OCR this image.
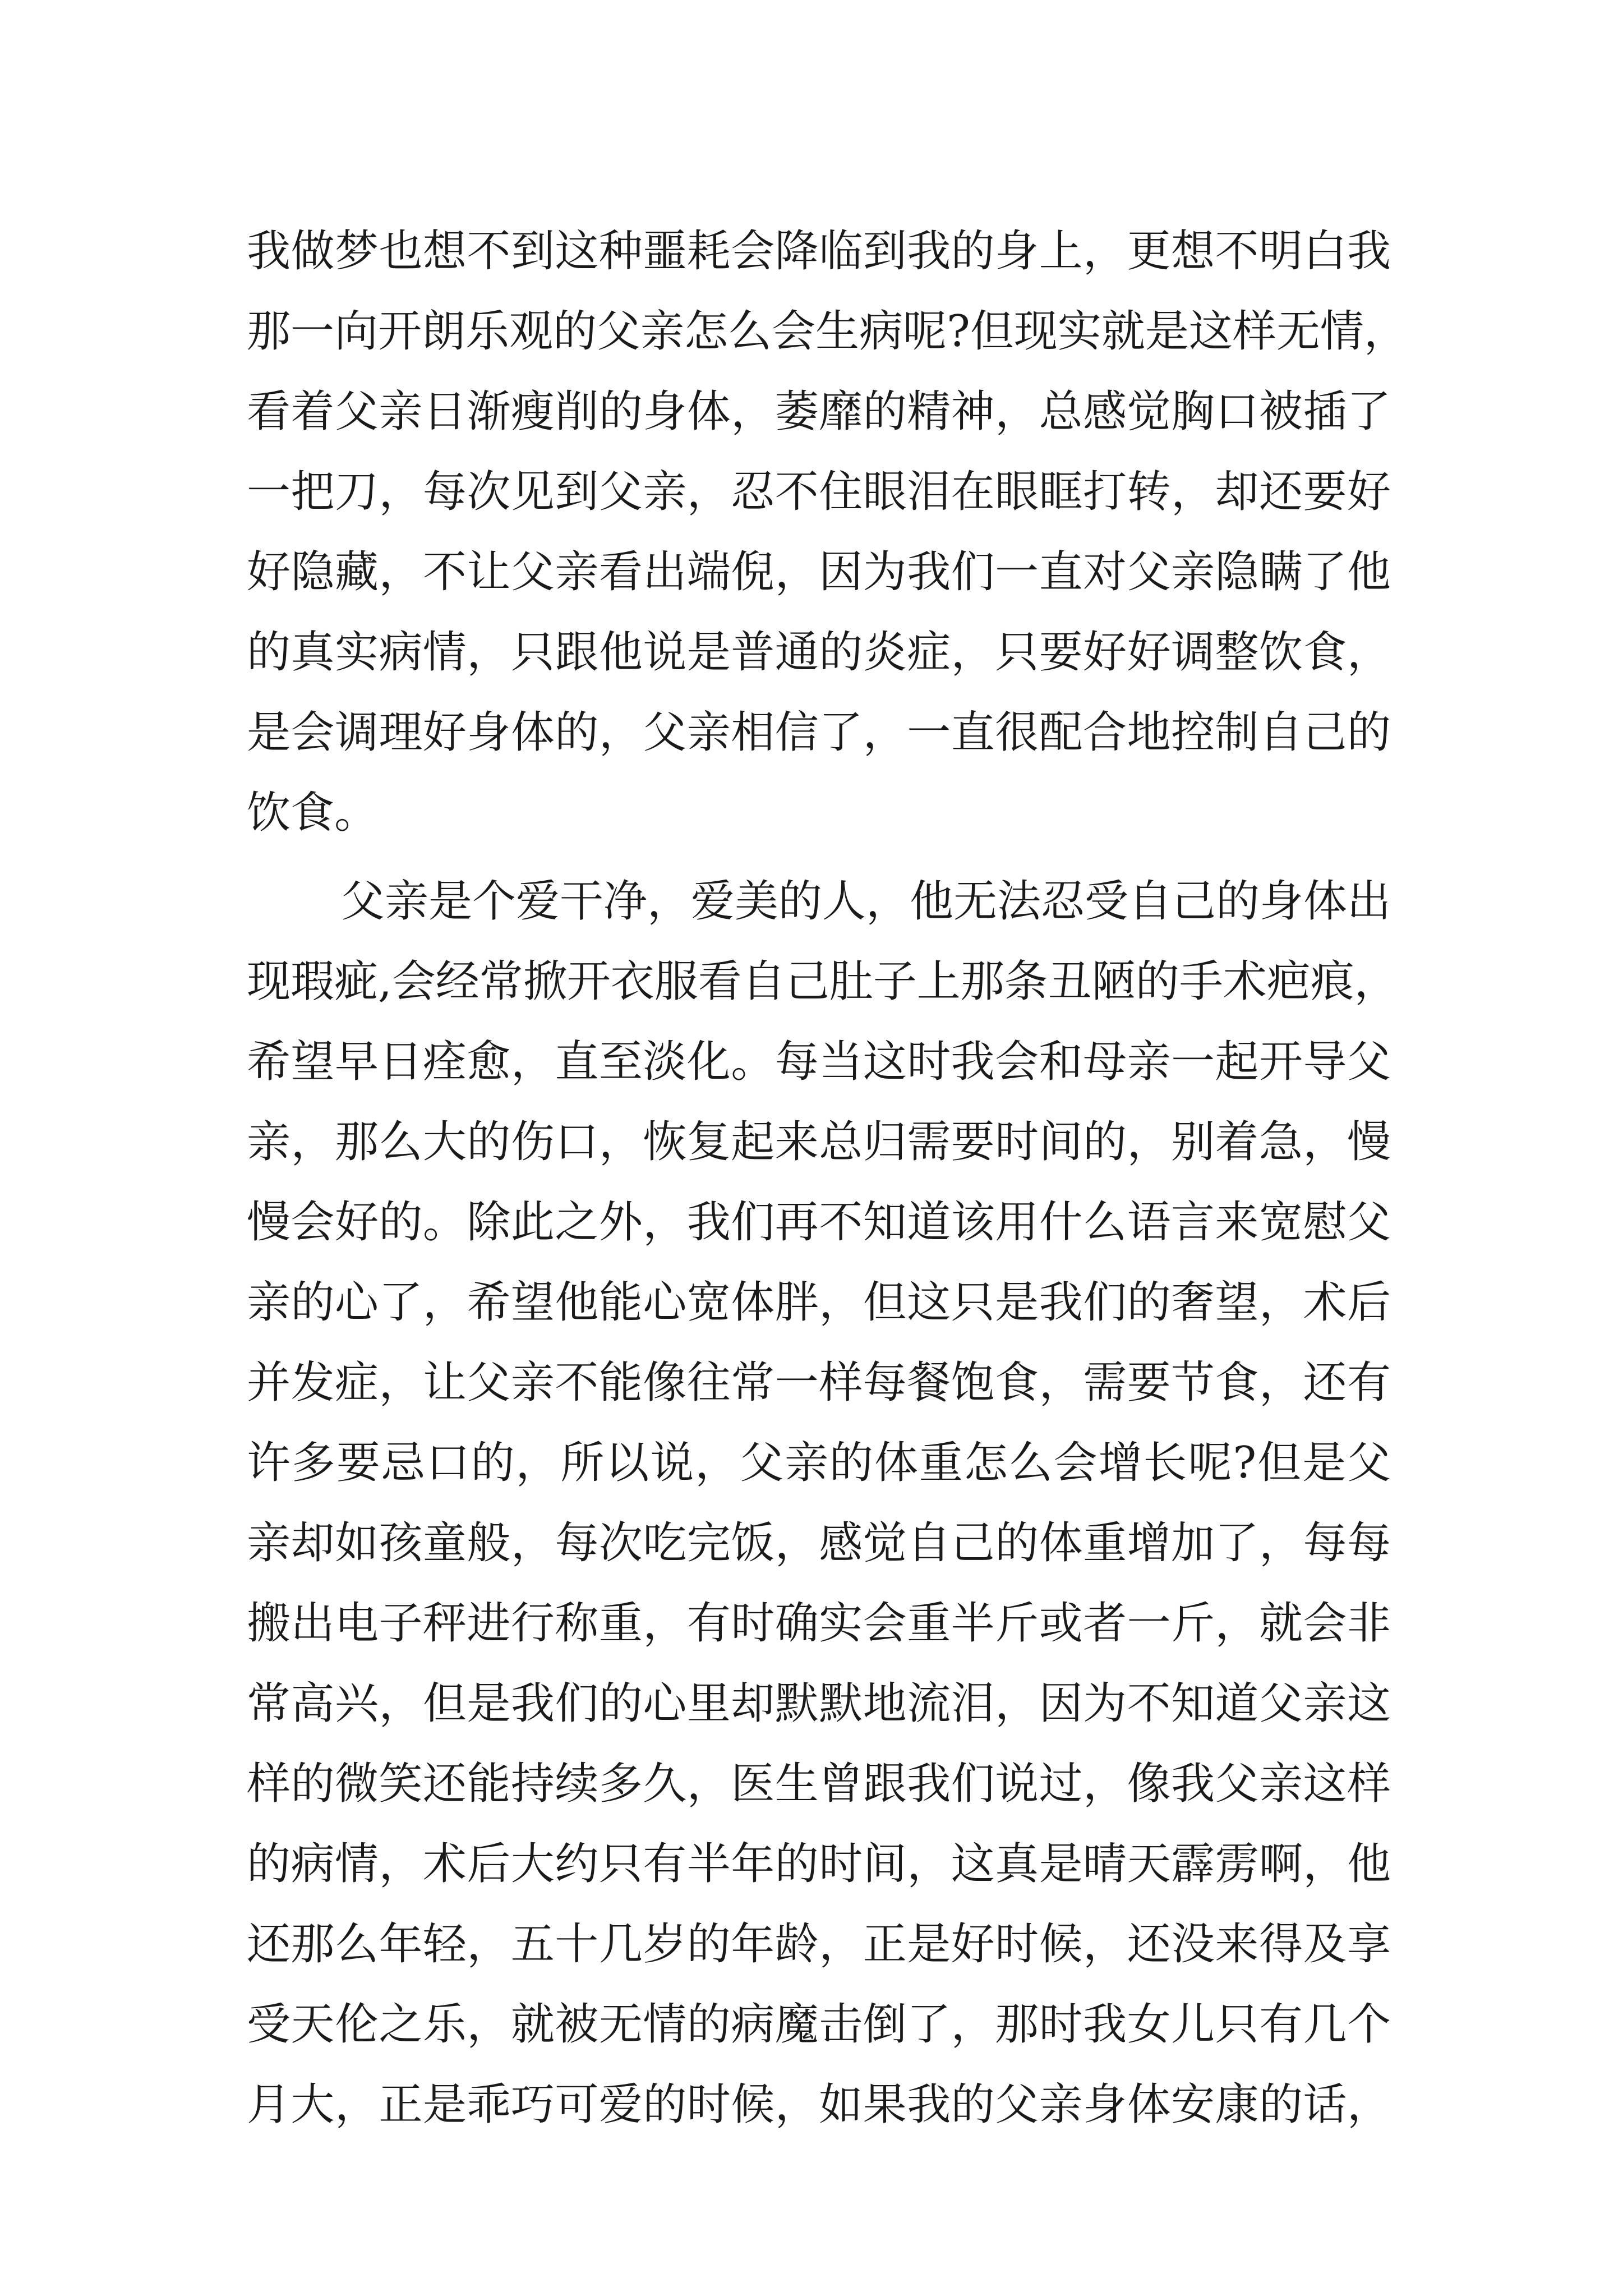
我做梦也想不到这种噩耗会降临到我的身上，更想不明白我
那一向开朗乐观的父亲怎么会生病呢?但现实就是这样无情，
看着父亲日渐瘦削的身体，萎靡的精神，总感觉胸口被插了
一把刀，每次见到父亲，忍不住眼泪在眼眶打转，却还要好
好隐藏，不让父亲看出端倪，因为我们一直对父亲隐瞒了他
的真实病情，只跟他说是普通的炎症，只要好好调整饮食，
是会调理好身体的，父亲相信了，一直很配合地控制自己的
饮食。
父亲是个爱干净，爱美的人，他无法忍受自己的身体出
现瑕疵,会经常掀开衣服看自己肚子上那条丑陋的手术疤痕，
希望早日痊愈，直至淡化。每当这时我会和母亲一起开导父
亲，那么大的伤口，恢复起来总归需要时间的，别着急，慢
慢会好的。除此之外，我们再不知道该用什么语言来宽慰父
亲的心了，希望他能心宽体胖，但这只是我们的奢望，术后
并发症，让父亲不能像往常一样每餐饱食，需要节食，还有
许多要忌口的，所以说，父亲的体重怎么会增长呢?但是父
亲却如孩童般，每次吃完饭，感觉自己的体重增加了，每每
搬出电子秤进行称重，有时确实会重半斤或者一斤，就会非
常高兴，但是我们的心里却默默地流泪，因为不知道父亲这
样的微笑还能持续多久，医生曾跟我们说过，像我父亲这样
的病情，术后大约只有半年的时间，这真是晴天霹雳啊，他
还那么年轻，五十几岁的年龄，正是好时候，还没来得及享
受天伦之乐，就被无情的病魔击倒了，那时我女儿只有几个
月大，正是乖巧可爱的时候，如果我的父亲身体安康的话，
